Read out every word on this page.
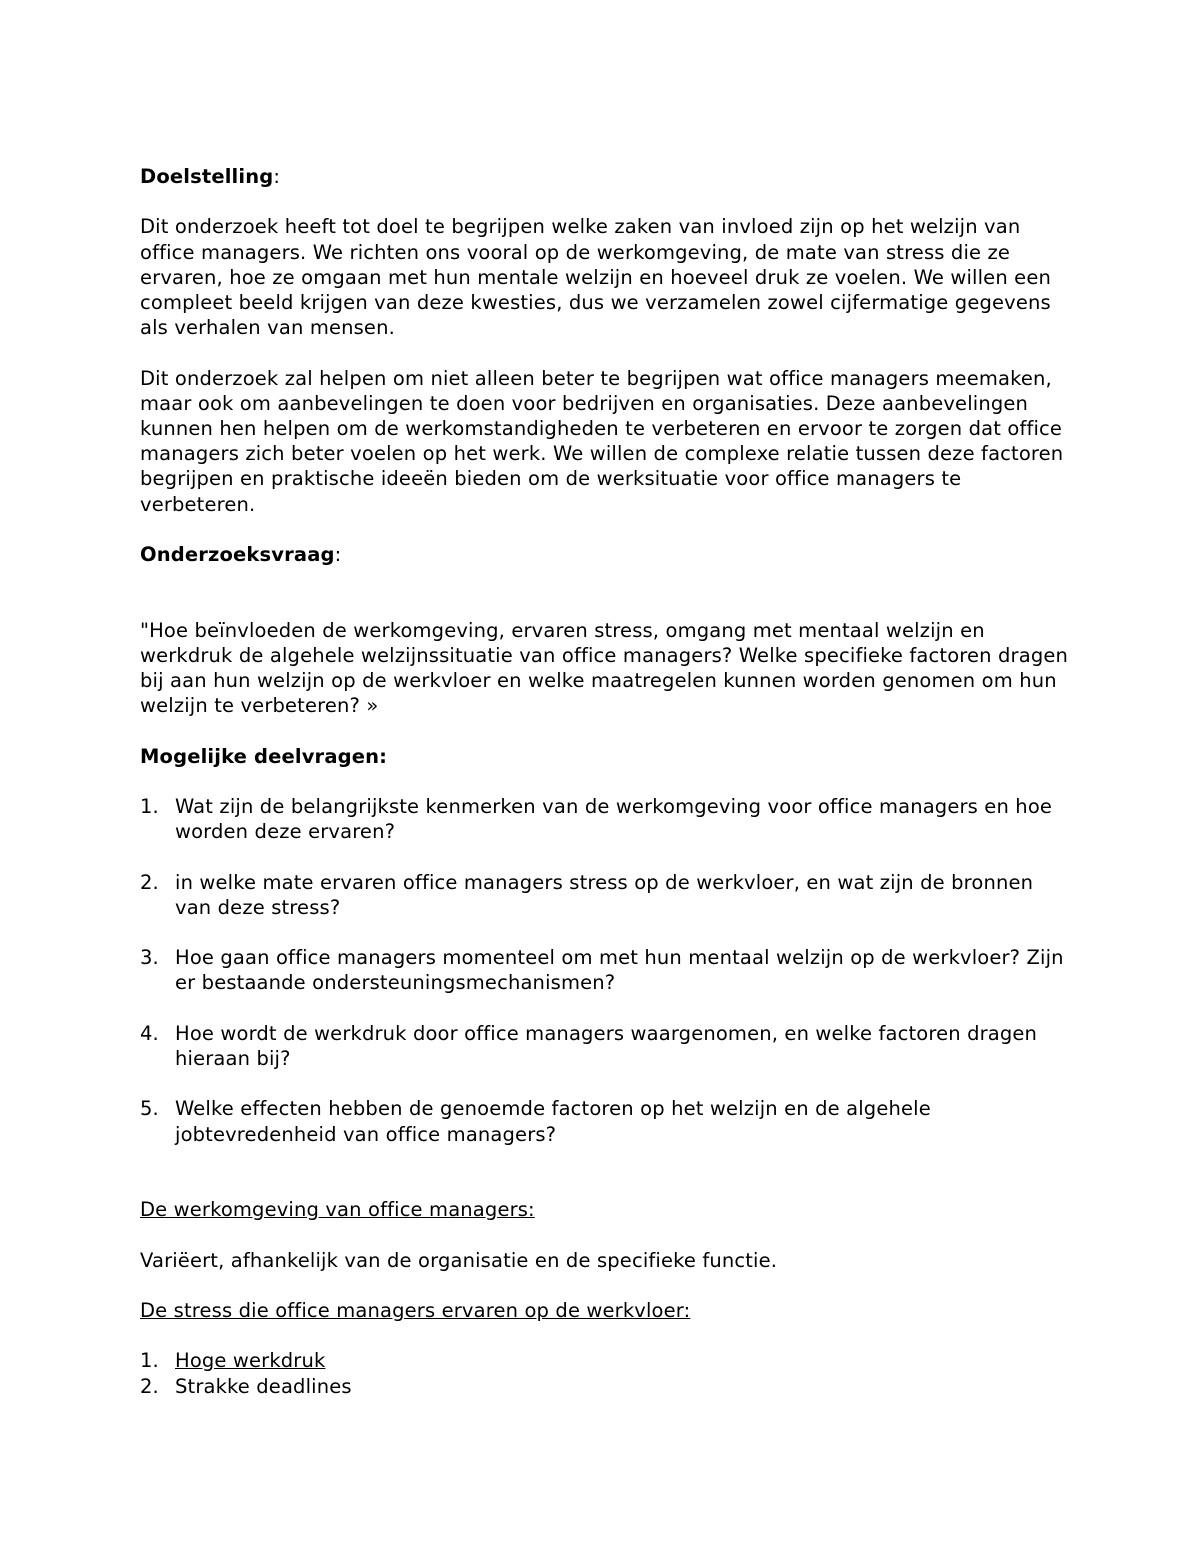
Doelstelling:

Dit onderzoek heeft tot doel te begrijpen welke zaken van invloed zijn op het welzijn van office managers. We richten ons vooral op de werkomgeving, de mate van stress die ze ervaren, hoe ze omgaan met hun mentale welzijn en hoeveel druk ze voelen. We willen een compleet beeld krijgen van deze kwesties, dus we verzamelen zowel cijfermatige gegevens als verhalen van mensen.

Dit onderzoek zal helpen om niet alleen beter te begrijpen wat office managers meemaken, maar ook om aanbevelingen te doen voor bedrijven en organisaties. Deze aanbevelingen kunnen hen helpen om de werkomstandigheden te verbeteren en ervoor te zorgen dat office managers zich beter voelen op het werk. We willen de complexe relatie tussen deze factoren begrijpen en praktische ideeën bieden om de werksituatie voor office managers te verbeteren.

Onderzoeksvraag:

"Hoe beïnvloeden de werkomgeving, ervaren stress, omgang met mentaal welzijn en werkdruk de algehele welzijnssituatie van office managers? Welke specifieke factoren dragen bij aan hun welzijn op de werkvloer en welke maatregelen kunnen worden genomen om hun welzijn te verbeteren? »

Mogelijke deelvragen:

1. Wat zijn de belangrijkste kenmerken van de werkomgeving voor office managers en hoe worden deze ervaren?
2. in welke mate ervaren office managers stress op de werkvloer, en wat zijn de bronnen van deze stress?
3. Hoe gaan office managers momenteel om met hun mentaal welzijn op de werkvloer? Zijn er bestaande ondersteuningsmechanismen?
4. Hoe wordt de werkdruk door office managers waargenomen, en welke factoren dragen hieraan bij?
5. Welke effecten hebben de genoemde factoren op het welzijn en de algehele jobtevredenheid van office managers?

De werkomgeving van office managers:

Variëert, afhankelijk van de organisatie en de specifieke functie.

De stress die office managers ervaren op de werkvloer:

1. Hoge werkdruk
2. Strakke deadlines
